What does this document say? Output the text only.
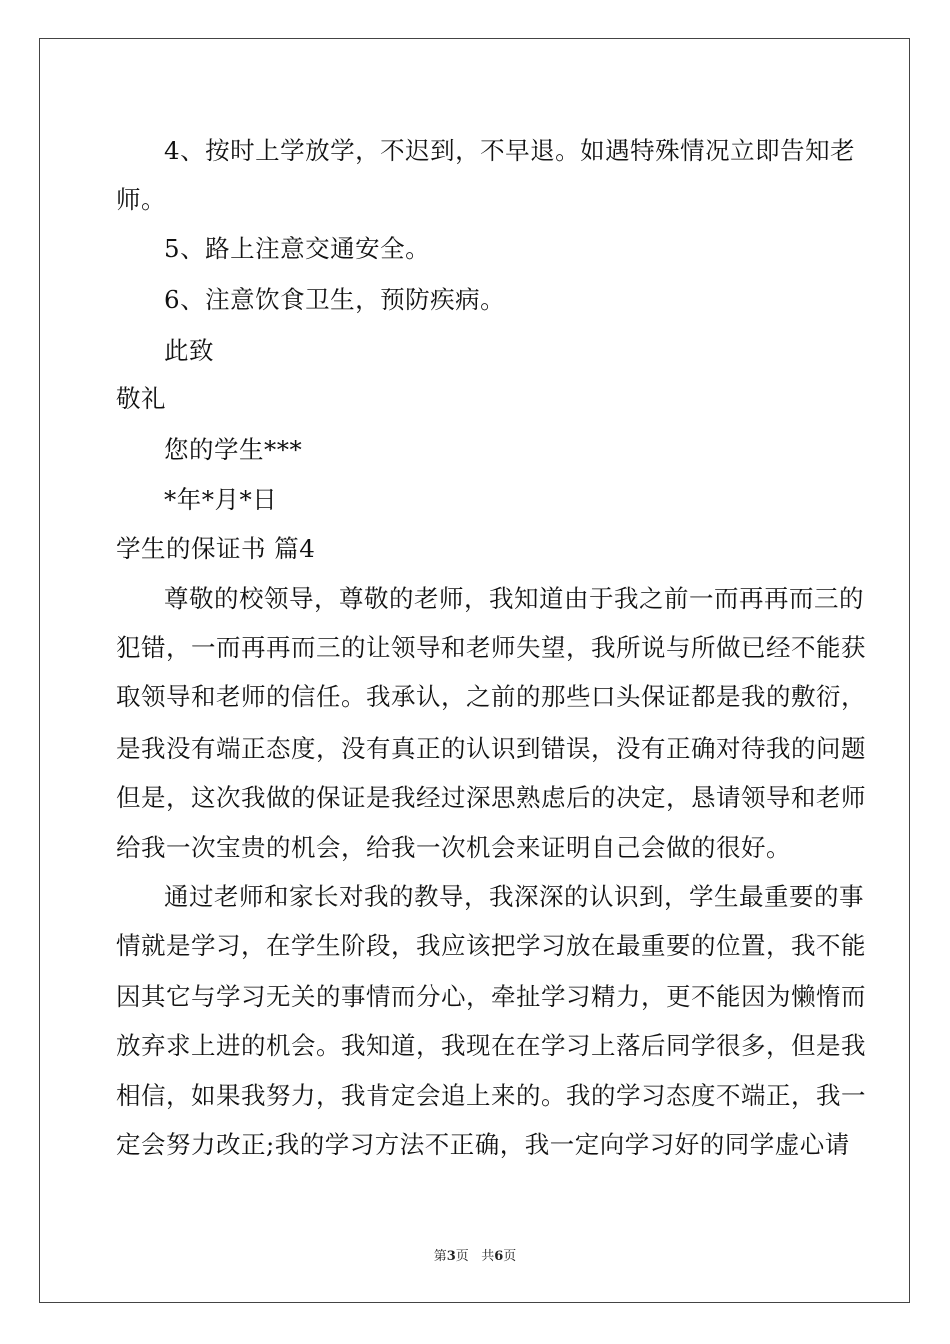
4、按时上学放学，不迟到，不早退。如遇特殊情况立即告知老
师。
5、路上注意交通安全。
6、注意饮食卫生，预防疾病。
此致
敬礼
您的学生***
*年*月*日
学生的保证书 篇4
尊敬的校领导，尊敬的老师，我知道由于我之前一而再再而三的
犯错，一而再再而三的让领导和老师失望，我所说与所做已经不能获
取领导和老师的信任。我承认，之前的那些口头保证都是我的敷衍，
是我没有端正态度，没有真正的认识到错误，没有正确对待我的问题
但是，这次我做的保证是我经过深思熟虑后的决定，恳请领导和老师
给我一次宝贵的机会，给我一次机会来证明自己会做的很好。
通过老师和家长对我的教导，我深深的认识到，学生最重要的事
情就是学习，在学生阶段，我应该把学习放在最重要的位置，我不能
因其它与学习无关的事情而分心，牵扯学习精力，更不能因为懒惰而
放弃求上进的机会。我知道，我现在在学习上落后同学很多，但是我
相信，如果我努力，我肯定会追上来的。我的学习态度不端正，我一
定会努力改正;我的学习方法不正确，我一定向学习好的同学虚心请
第3页   共6页
